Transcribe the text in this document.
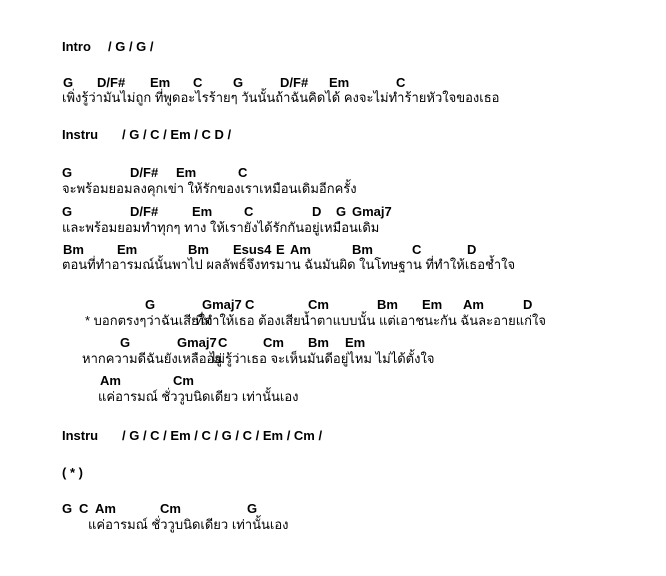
Intro / G / G /
G D/F# Em C G	D/F# Em	C
เพิ่งรู้ว่ามันไม่ถูก ที่พูดอะไรร้ายๆ วันนั้นถ้าฉันคิดได้ คงจะไม่ทำร้ายหัวใจของเธอ
Instru / G / C / Em / C D /
G	D/F# Em	C
จะพร้อมยอมลงคุกเข่า ให้รักของเราเหมือนเดิมอีกครั้ง
G	D/F#	Em C	D G Gmaj7
และพร้อมยอมทำทุกๆ ทาง ให้เรายังได้รักกันอยู่เหมือนเดิม
Bm	Em	Bm Esus4 E Am	Bm	C	D
ตอนที่ทำอารมณ์นั้นพาไป ผลลัพธ์จึงทรมาน ฉันมันผิด ในโทษฐาน ที่ทำให้เธอช้ำใจ
G	Gmaj7 C	Cm	Bm Em Am	D
* บอกตรงๆว่าฉันเสียใจ
ที่ทำให้เธอ ต้องเสียน้ำตาแบบนั้น แต่เอาชนะกัน ฉันละอายแก่ใจ
G	Gmaj7 C	Cm Bm Em
หากความดีฉันยังเหลืออยู่
ไม่รู้ว่าเธอ จะเห็นมันดีอยู่ไหม ไม่ได้ตั้งใจ
Am	Cm
แค่อารมณ์ ชั่ววูบนิดเดียว เท่านั้นเอง
Instru / G / C / Em / C / G / C / Em / Cm /
( * )
G C Am	Cm	G
แค่อารมณ์ ชั่ววูบนิดเดียว เท่านั้นเอง
